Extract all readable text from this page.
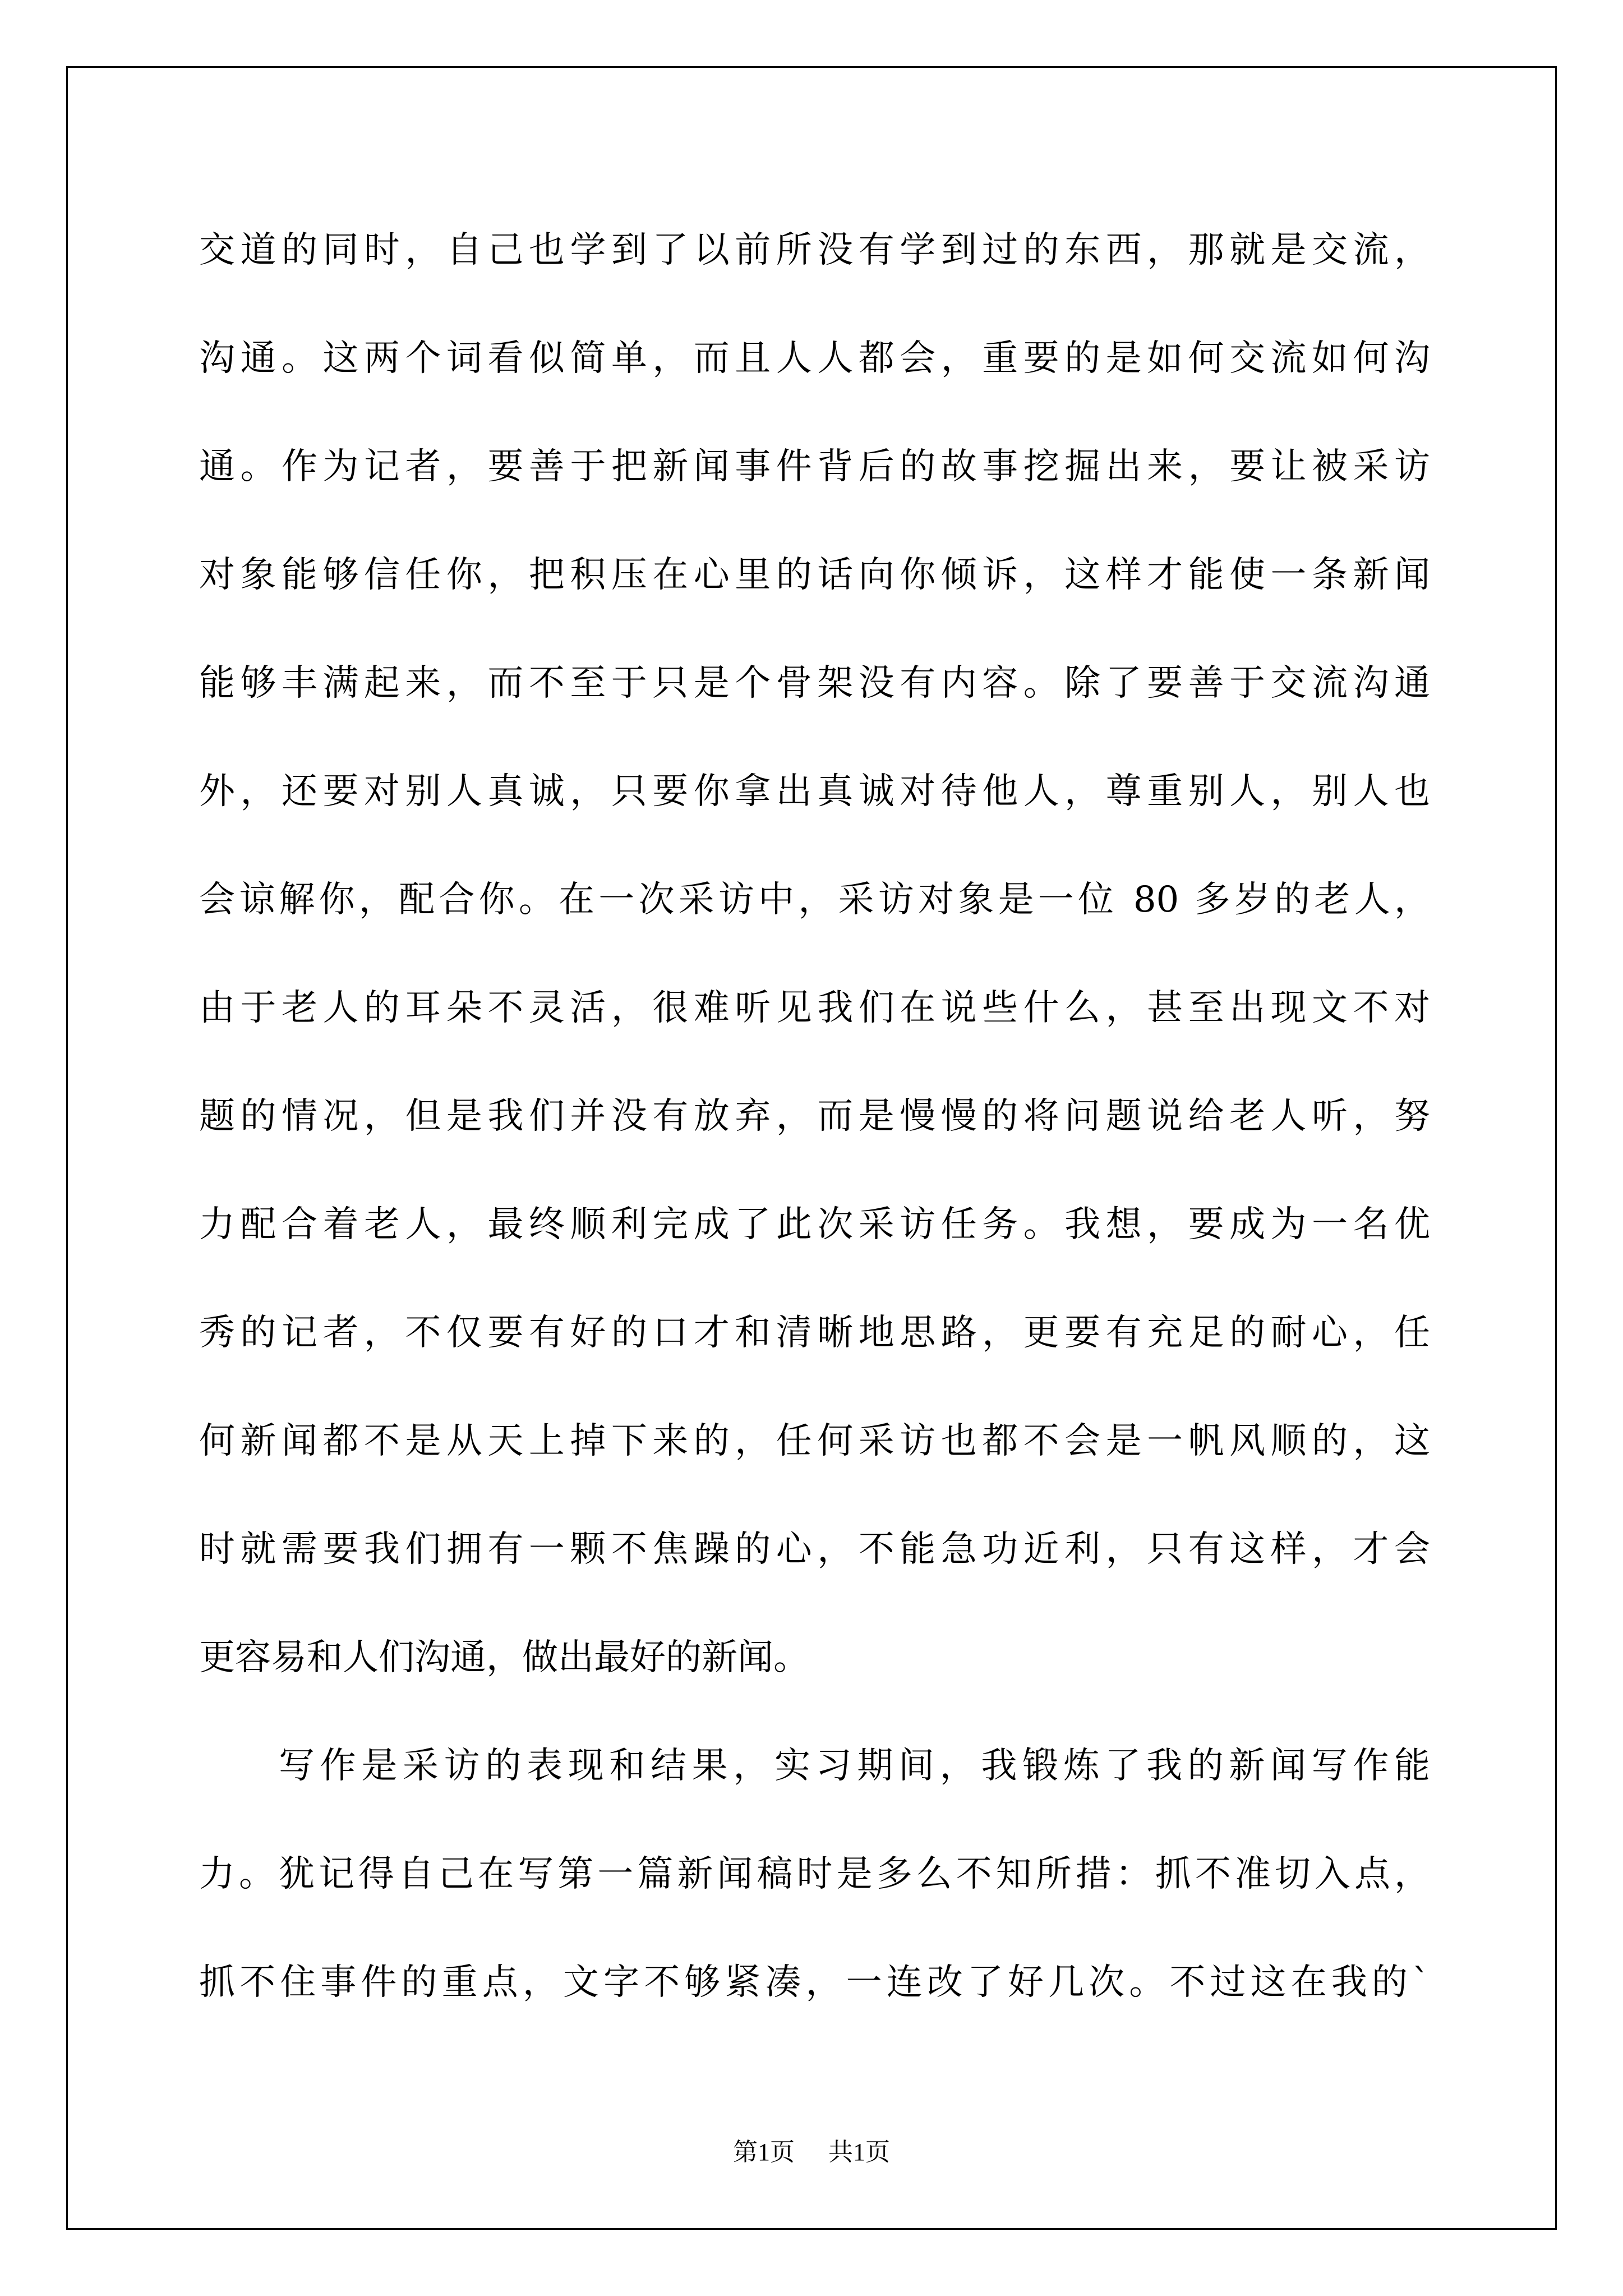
交道的同时，自己也学到了以前所没有学到过的东西，那就是交流，
沟通。这两个词看似简单，而且人人都会，重要的是如何交流如何沟
通。作为记者，要善于把新闻事件背后的故事挖掘出来，要让被采访
对象能够信任你，把积压在心里的话向你倾诉，这样才能使一条新闻
能够丰满起来，而不至于只是个骨架没有内容。除了要善于交流沟通
外，还要对别人真诚，只要你拿出真诚对待他人，尊重别人，别人也
会谅解你，配合你。在一次采访中，采访对象是一位 80 多岁的老人，
由于老人的耳朵不灵活，很难听见我们在说些什么，甚至出现文不对
题的情况，但是我们并没有放弃，而是慢慢的将问题说给老人听，努
力配合着老人，最终顺利完成了此次采访任务。我想，要成为一名优
秀的记者，不仅要有好的口才和清晰地思路，更要有充足的耐心，任
何新闻都不是从天上掉下来的，任何采访也都不会是一帆风顺的，这
时就需要我们拥有一颗不焦躁的心，不能急功近利，只有这样，才会
更容易和人们沟通，做出最好的新闻。
写作是采访的表现和结果，实习期间，我锻炼了我的新闻写作能
力。犹记得自己在写第一篇新闻稿时是多么不知所措：抓不准切入点，
抓不住事件的重点，文字不够紧凑，一连改了好几次。不过这在我的`
第1页 共1页
